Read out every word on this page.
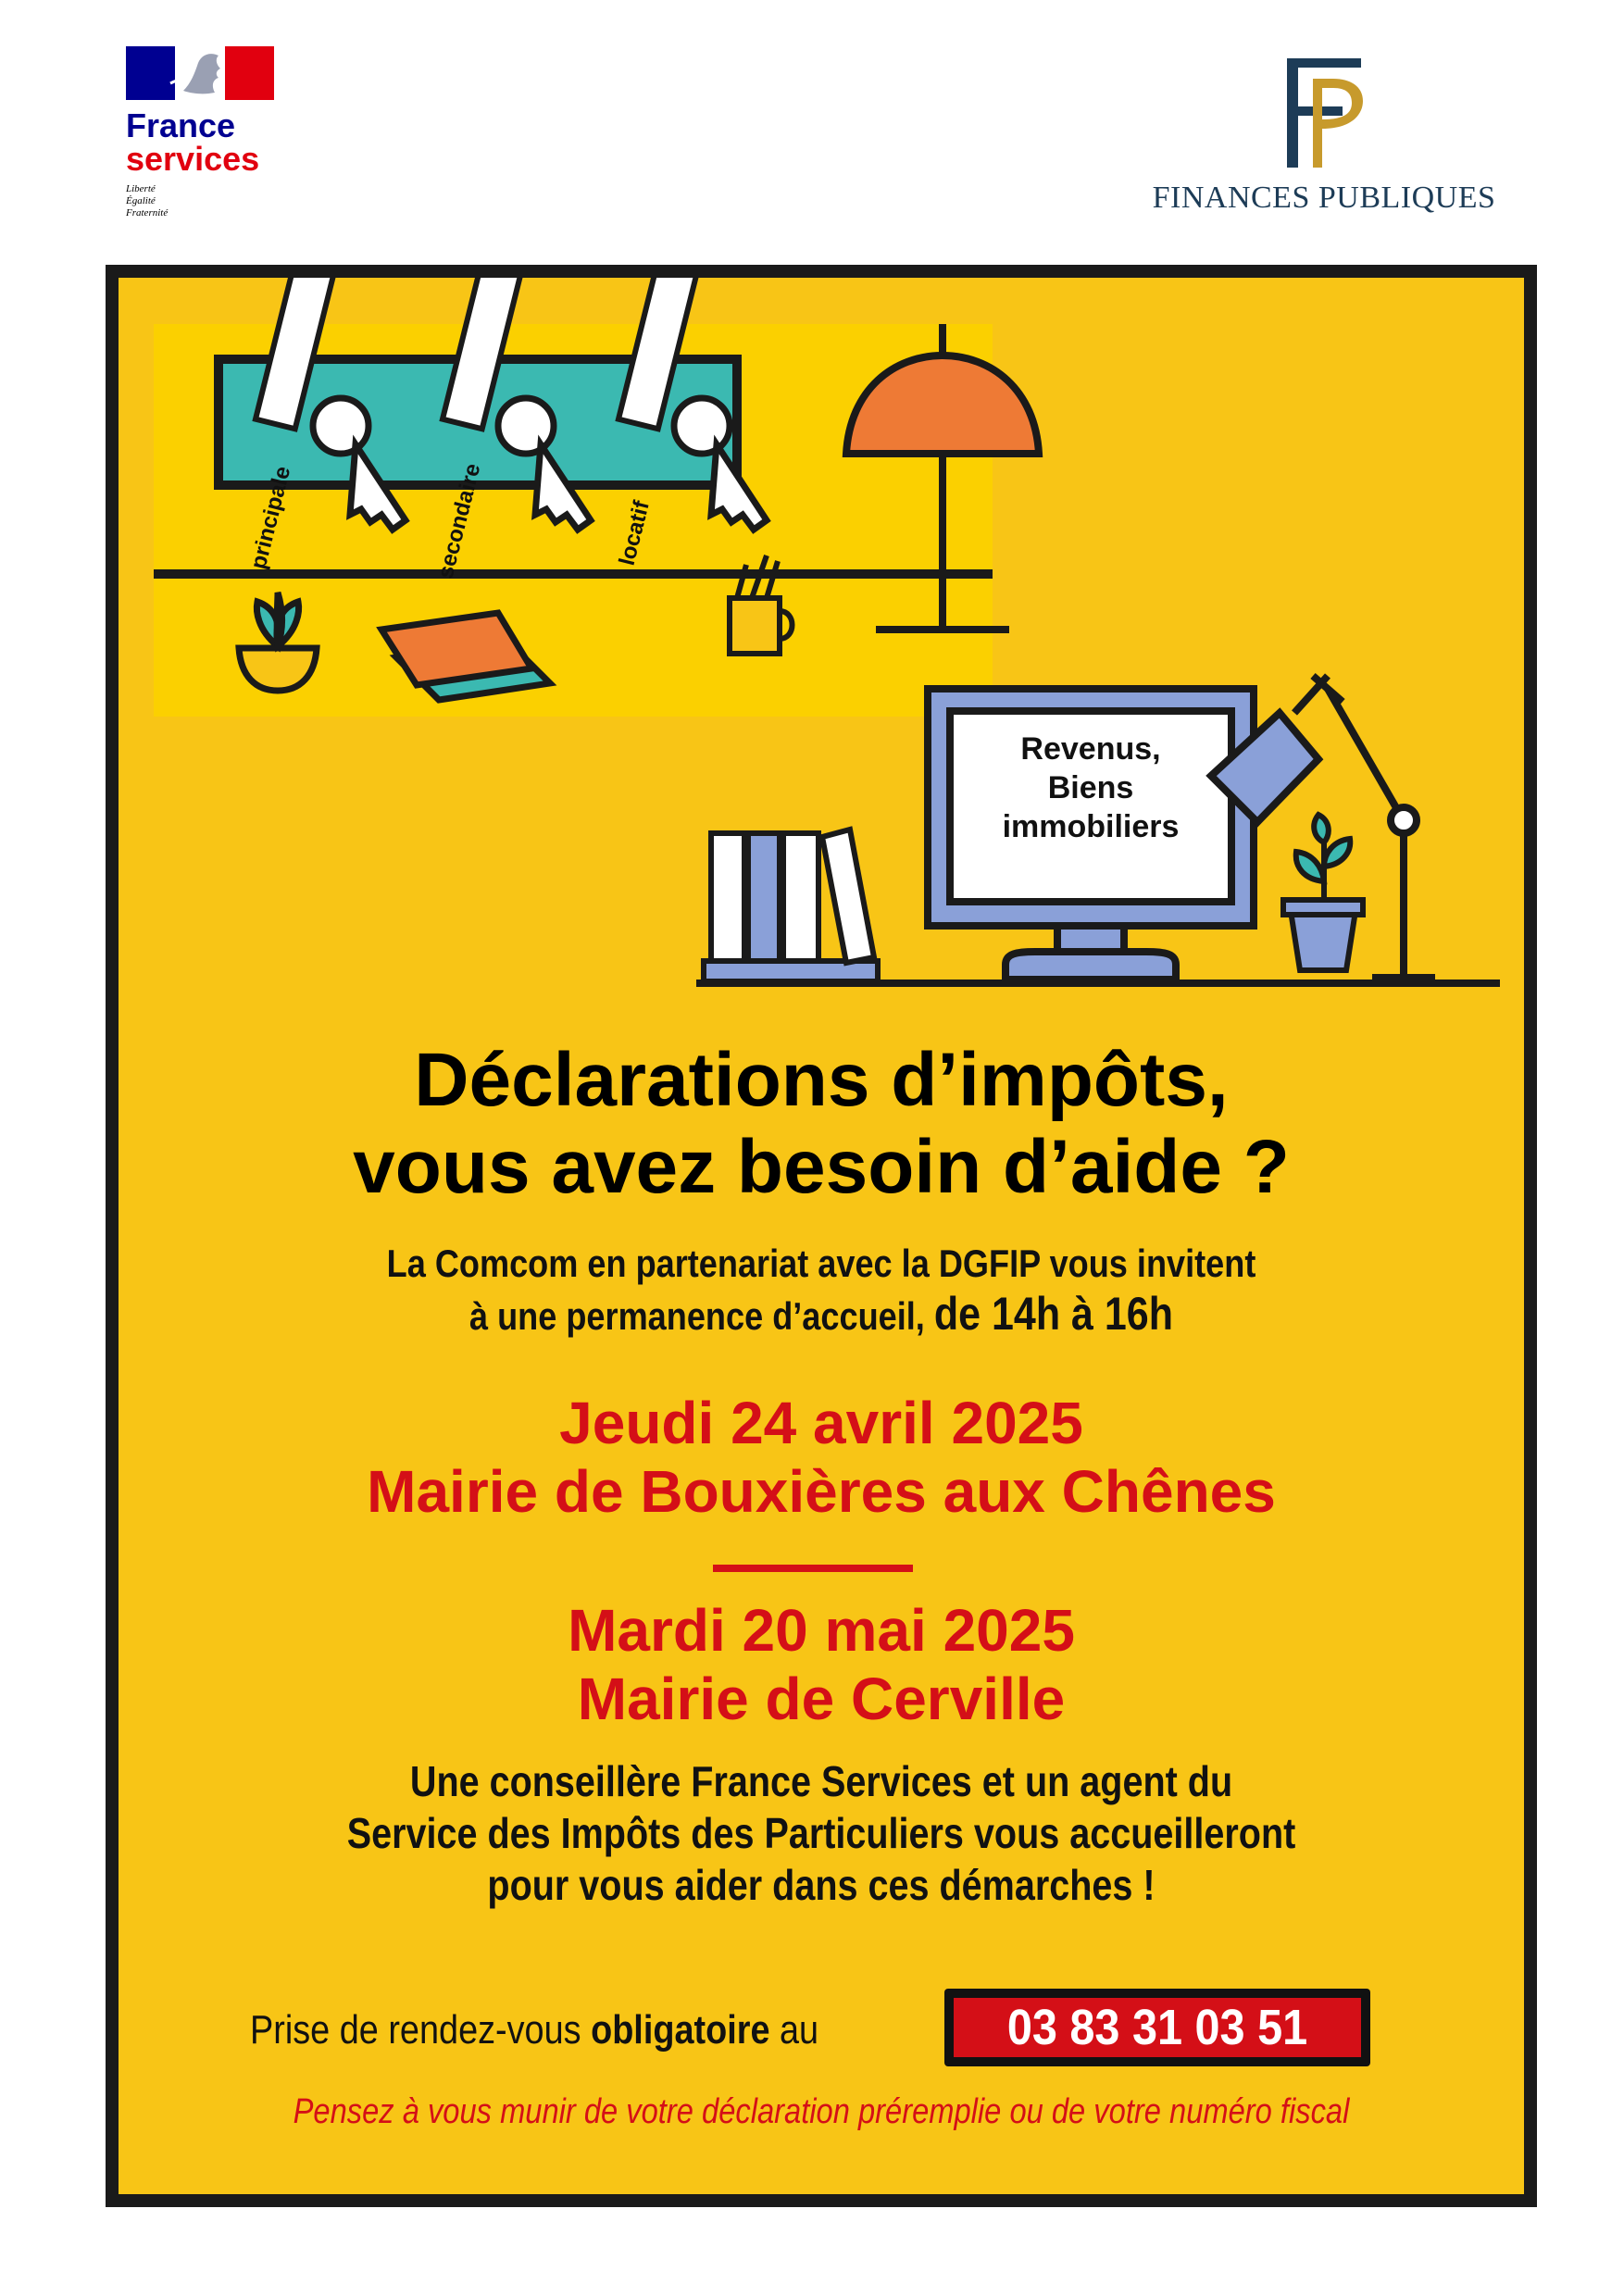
France
services
Liberté
Égalité
Fraternité	FINANCES PUBLIQUES
principale	secondaire	locatif
Revenus,
Biens
immobiliers
Déclarations d’impôts,
vous avez besoin d’aide ?
La Comcom en partenariat avec la DGFIP vous invitent
à une permanence d’accueil, de 14h à 16h
Jeudi 24 avril 2025
Mairie de Bouxières aux Chênes
Mardi 20 mai 2025
Mairie de Cerville
Une conseillère France Services et un agent du
Service des Impôts des Particuliers vous accueilleront
pour vous aider dans ces démarches !
Prise de rendez-vous obligatoire au	03 83 31 03 51
Pensez à vous munir de votre déclaration préremplie ou de votre numéro fiscal
